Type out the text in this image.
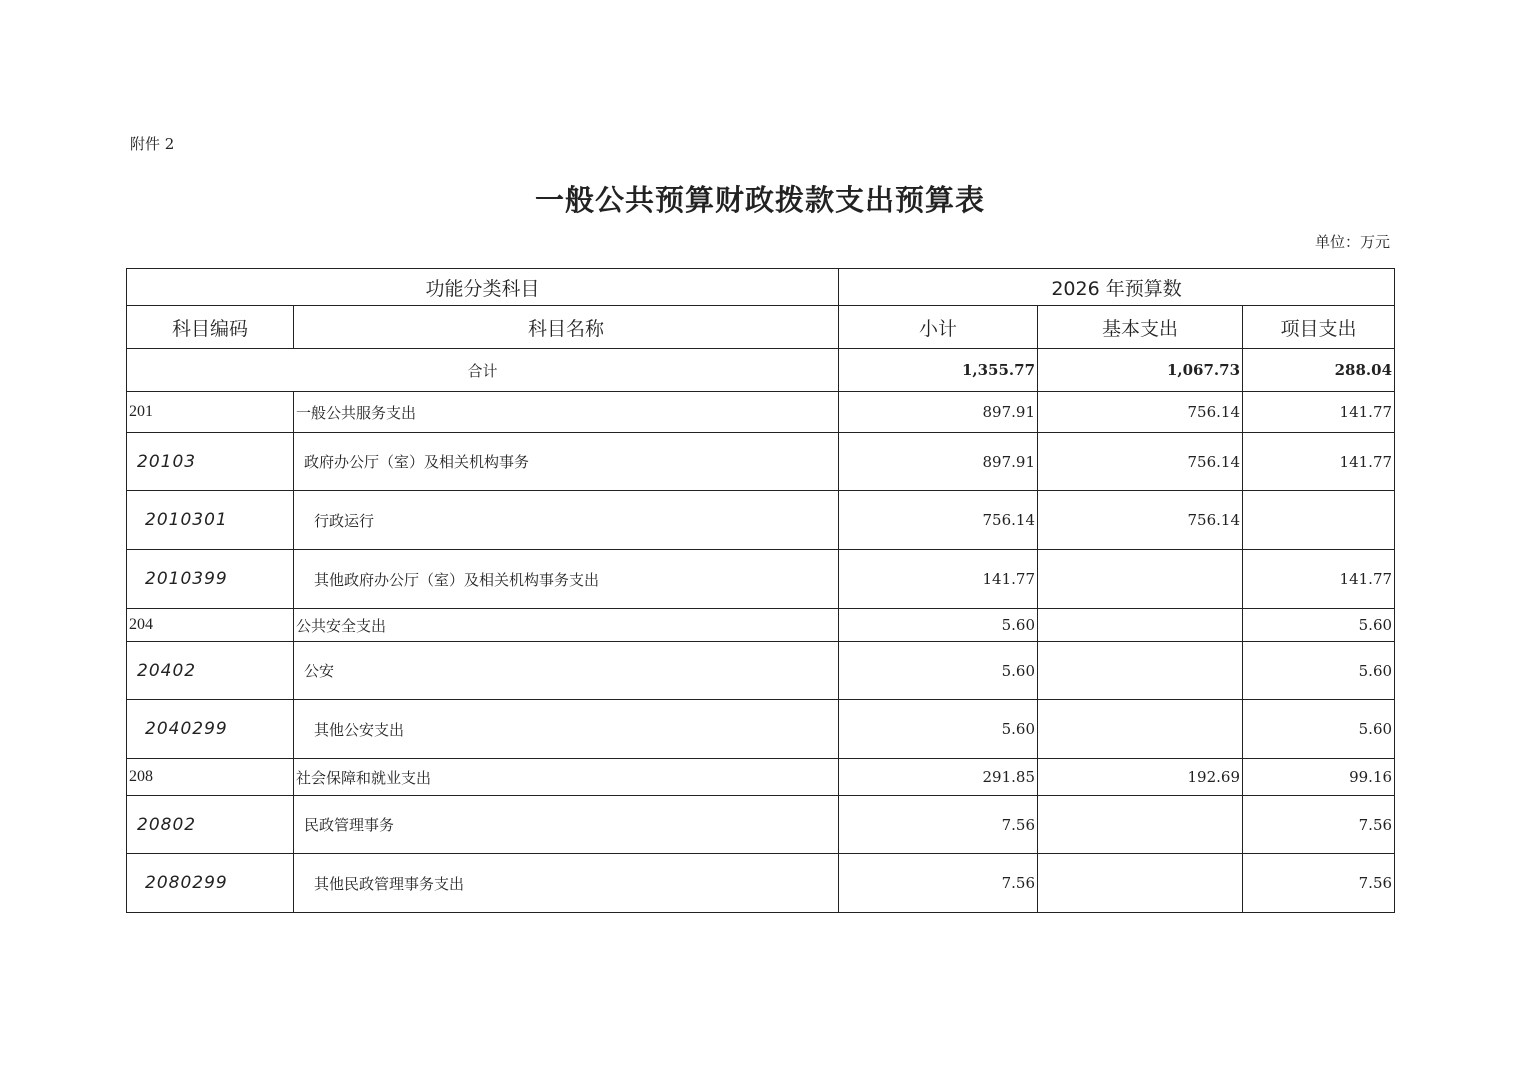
附件 2
一般公共预算财政拨款支出预算表
单位：万元
功能分类科目		2026 年预算数		
科目编码	科目名称	小计	基本支出	项目支出
合计		1,355.77	1,067.73	288.04
201	一般公共服务支出	897.91	756.14	141.77
20103	政府办公厅（室）及相关机构事务	897.91	756.14	141.77
2010301	行政运行	756.14	756.14	
2010399	其他政府办公厅（室）及相关机构事务支出	141.77		141.77
204	公共安全支出	5.60		5.60
20402	公安	5.60		5.60
2040299	其他公安支出	5.60		5.60
208	社会保障和就业支出	291.85	192.69	99.16
20802	民政管理事务	7.56		7.56
2080299	其他民政管理事务支出	7.56		7.56
